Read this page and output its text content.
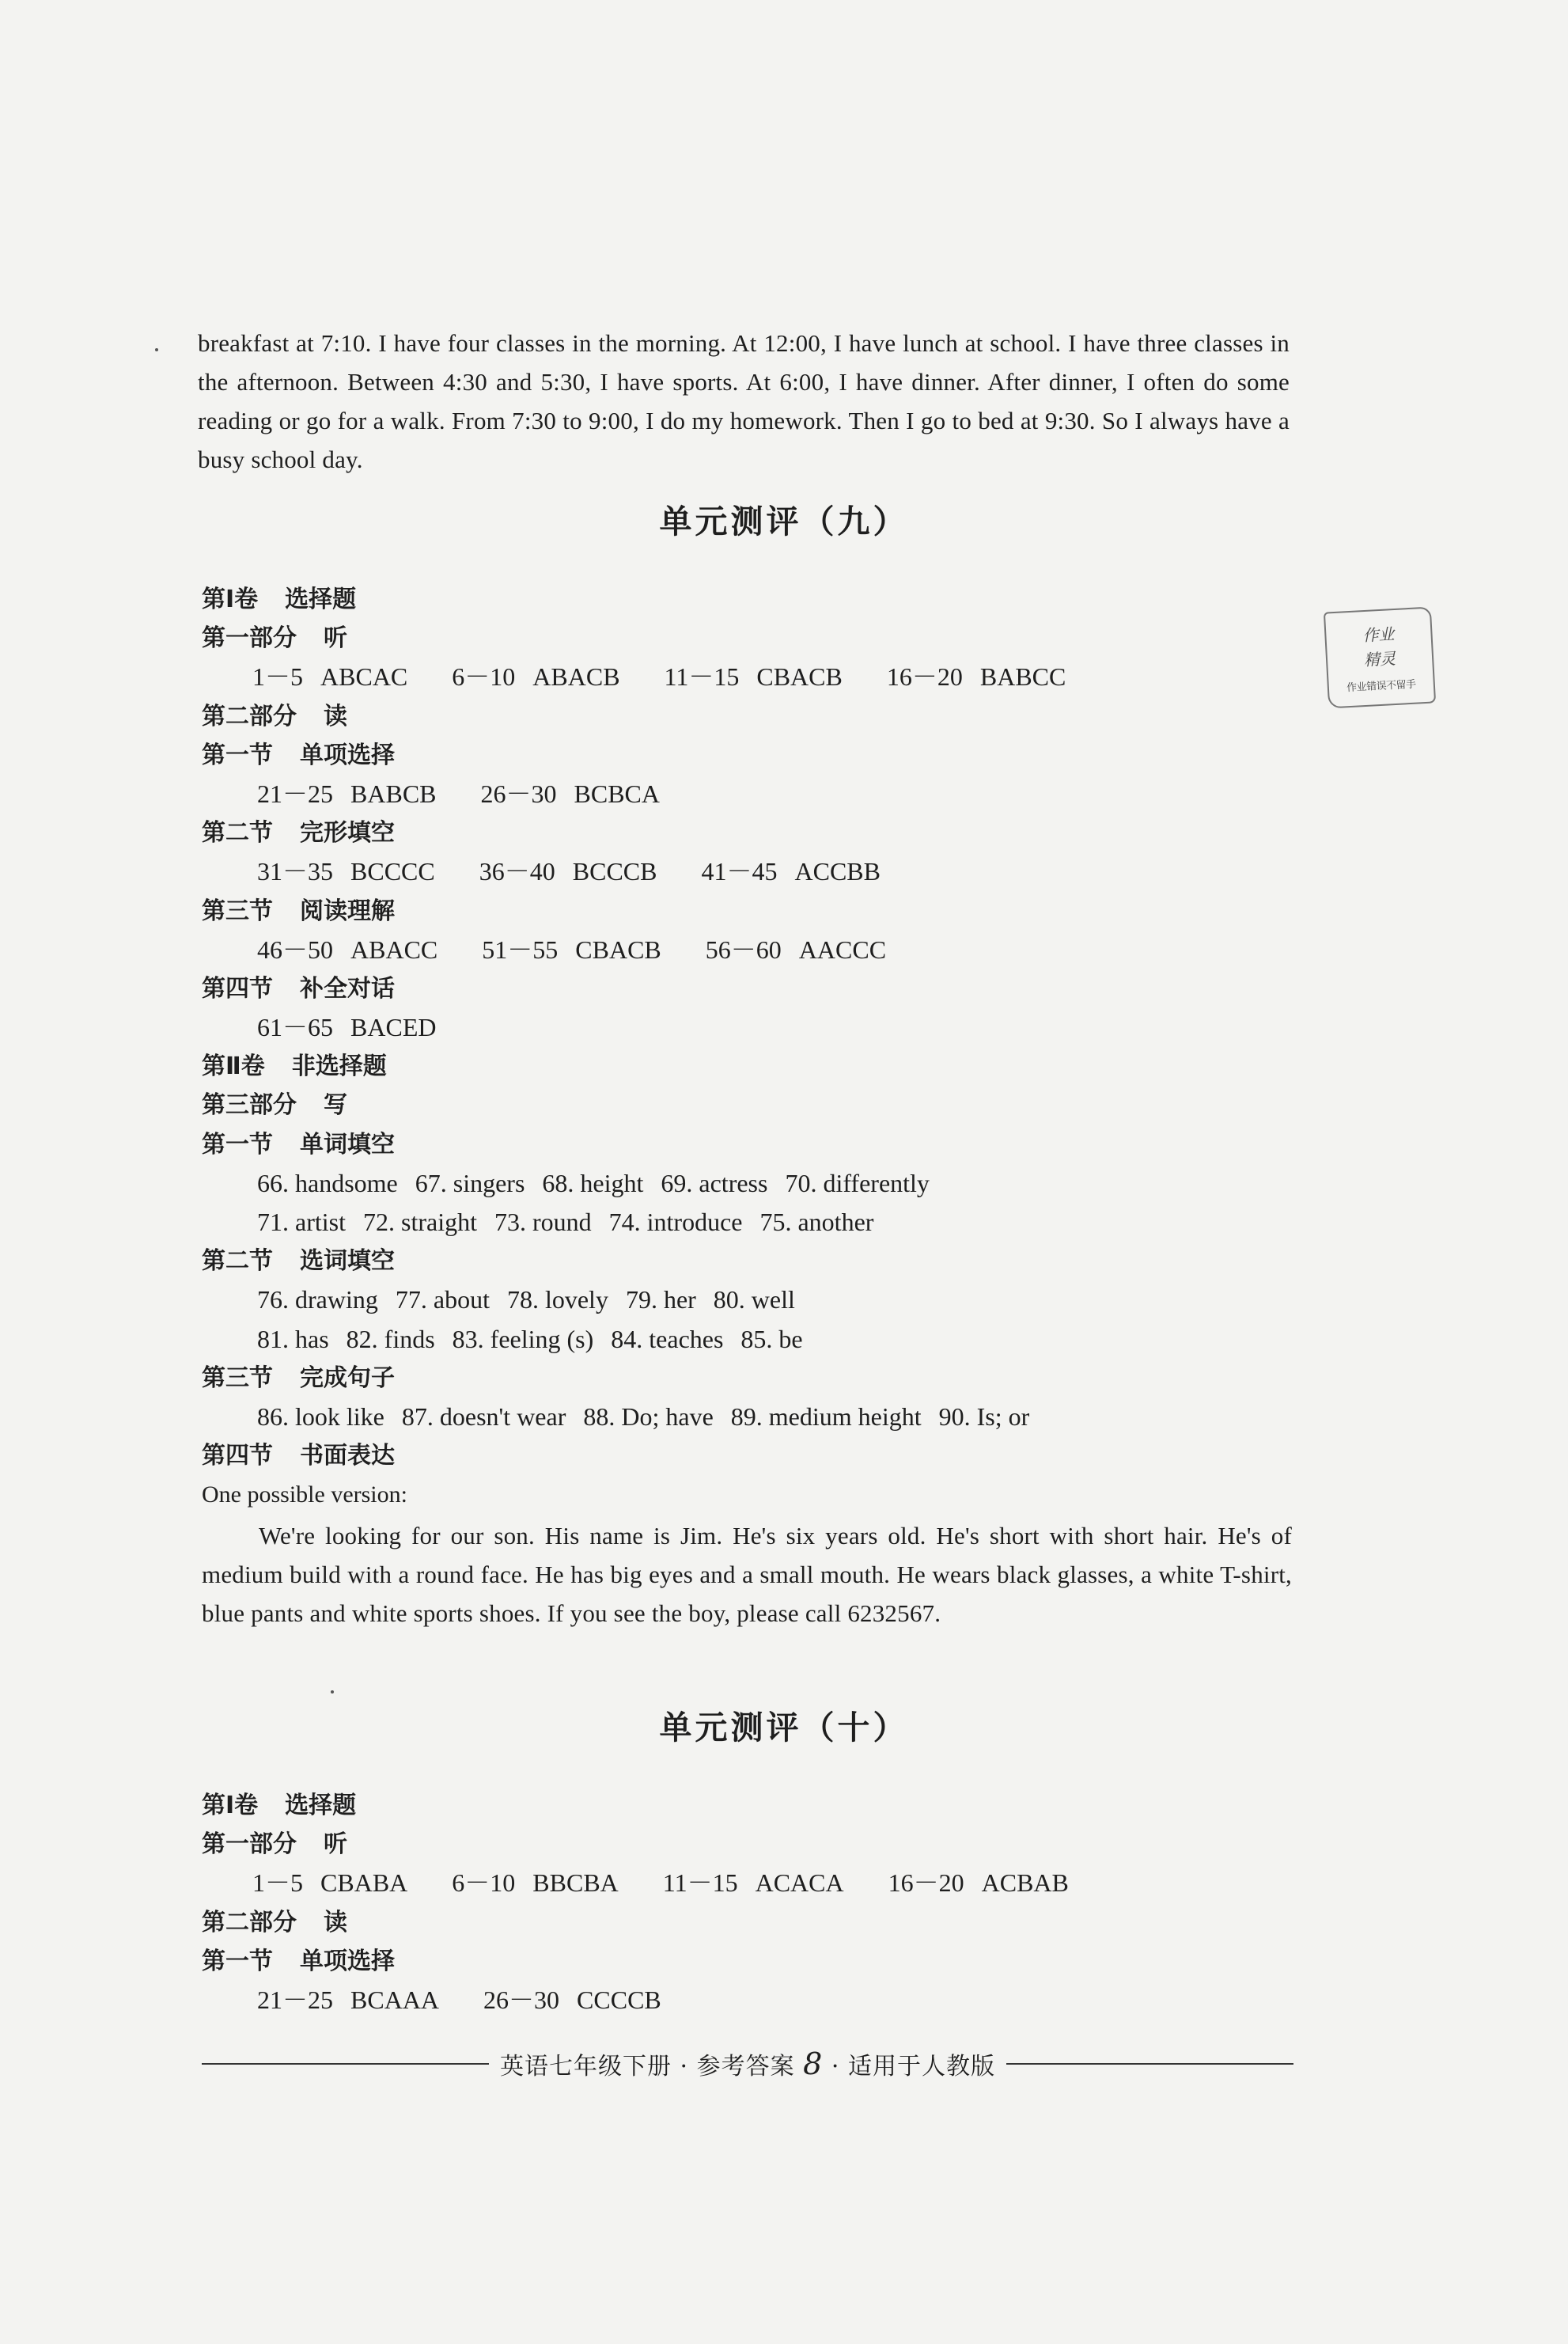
breakfast at 7:10. I have four classes in the morning. At 12:00, I have lunch at school. I have three classes in the afternoon. Between 4:30 and 5:30, I have sports. At 6:00, I have dinner. After dinner, I often do some reading or go for a walk. From 7:30 to 9:00, I do my homework. Then I go to bed at 9:30. So I always have a busy school day.

单元测评（九）
第Ⅰ卷 选择题
第一部分 听
1－5 ABCAC 6－10 ABACB 11－15 CBACB 16－20 BABCC
第二部分 读
第一节 单项选择
21－25 BABCB 26－30 BCBCA
第二节 完形填空
31－35 BCCCC 36－40 BCCCB 41－45 ACCBB
第三节 阅读理解
46－50 ABACC 51－55 CBACB 56－60 AACCC
第四节 补全对话
61－65 BACED
第Ⅱ卷 非选择题
第三部分 写
第一节 单词填空
66. handsome 67. singers 68. height 69. actress 70. differently
71. artist 72. straight 73. round 74. introduce 75. another
第二节 选词填空
76. drawing 77. about 78. lovely 79. her 80. well
81. has 82. finds 83. feeling (s) 84. teaches 85. be
第三节 完成句子
86. look like 87. doesn't wear 88. Do; have 89. medium height 90. Is; or
第四节 书面表达
One possible version:

We're looking for our son. His name is Jim. He's six years old. He's short with short hair. He's of medium build with a round face. He has big eyes and a small mouth. He wears black glasses, a white T-shirt, blue pants and white sports shoes. If you see the boy, please call 6232567.

单元测评（十）
第Ⅰ卷 选择题
第一部分 听
1－5 CBABA 6－10 BBCBA 11－15 ACACA 16－20 ACBAB
第二部分 读
第一节 单项选择
21－25 BCAAA 26－30 CCCCB
作业
精灵
作业错误不留手
英语七年级下册 · 参考答案 8 · 适用于人教版
